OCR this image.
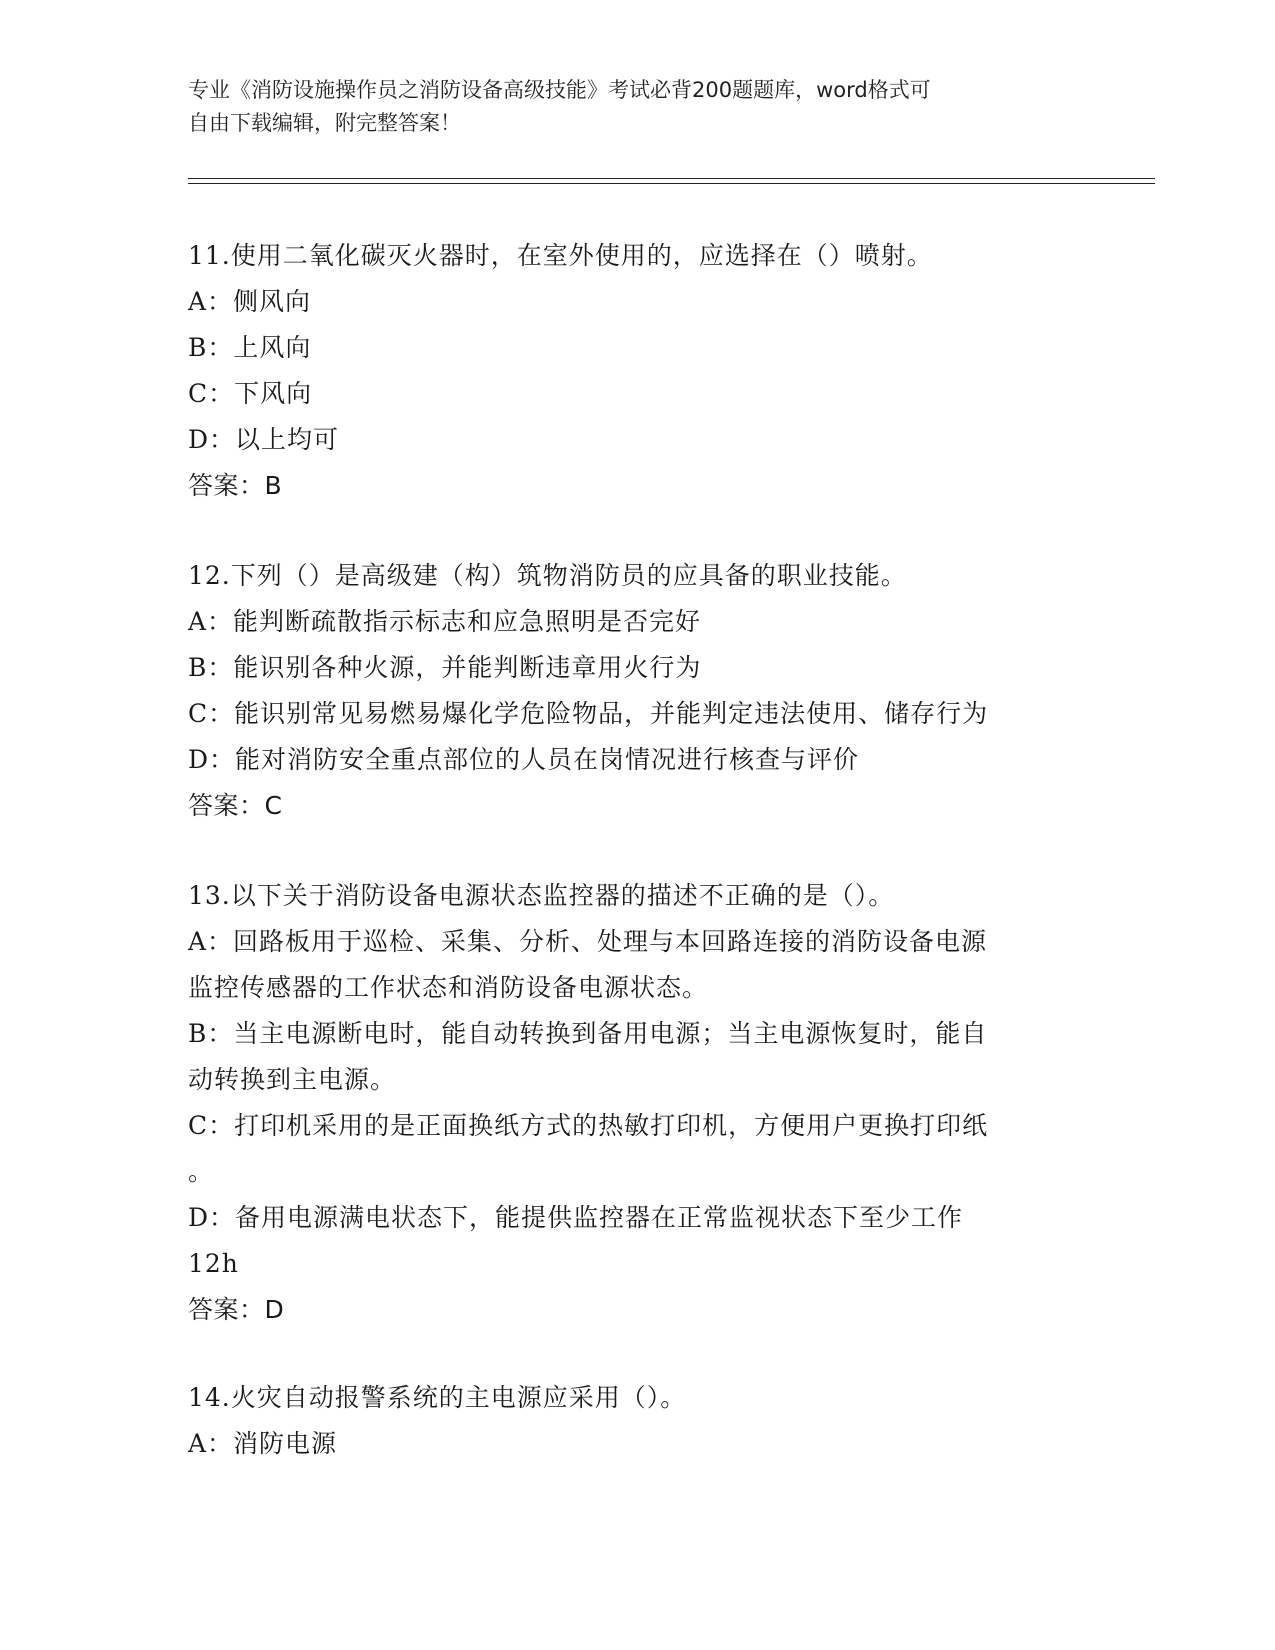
专业《消防设施操作员之消防设备高级技能》考试必背200题题库，word格式可
自由下载编辑，附完整答案！
11.使用二氧化碳灭火器时，在室外使用的，应选择在（）喷射。
A：侧风向
B：上风向
C：下风向
D：以上均可
答案：B
12.下列（）是高级建（构）筑物消防员的应具备的职业技能。
A：能判断疏散指示标志和应急照明是否完好
B：能识别各种火源，并能判断违章用火行为
C：能识别常见易燃易爆化学危险物品，并能判定违法使用、储存行为
D：能对消防安全重点部位的人员在岗情况进行核查与评价
答案：C
13.以下关于消防设备电源状态监控器的描述不正确的是（）。
A：回路板用于巡检、采集、分析、处理与本回路连接的消防设备电源
监控传感器的工作状态和消防设备电源状态。
B：当主电源断电时，能自动转换到备用电源；当主电源恢复时，能自
动转换到主电源。
C：打印机采用的是正面换纸方式的热敏打印机，方便用户更换打印纸
。
D：备用电源满电状态下，能提供监控器在正常监视状态下至少工作
12h
答案：D
14.火灾自动报警系统的主电源应采用（）。
A：消防电源
